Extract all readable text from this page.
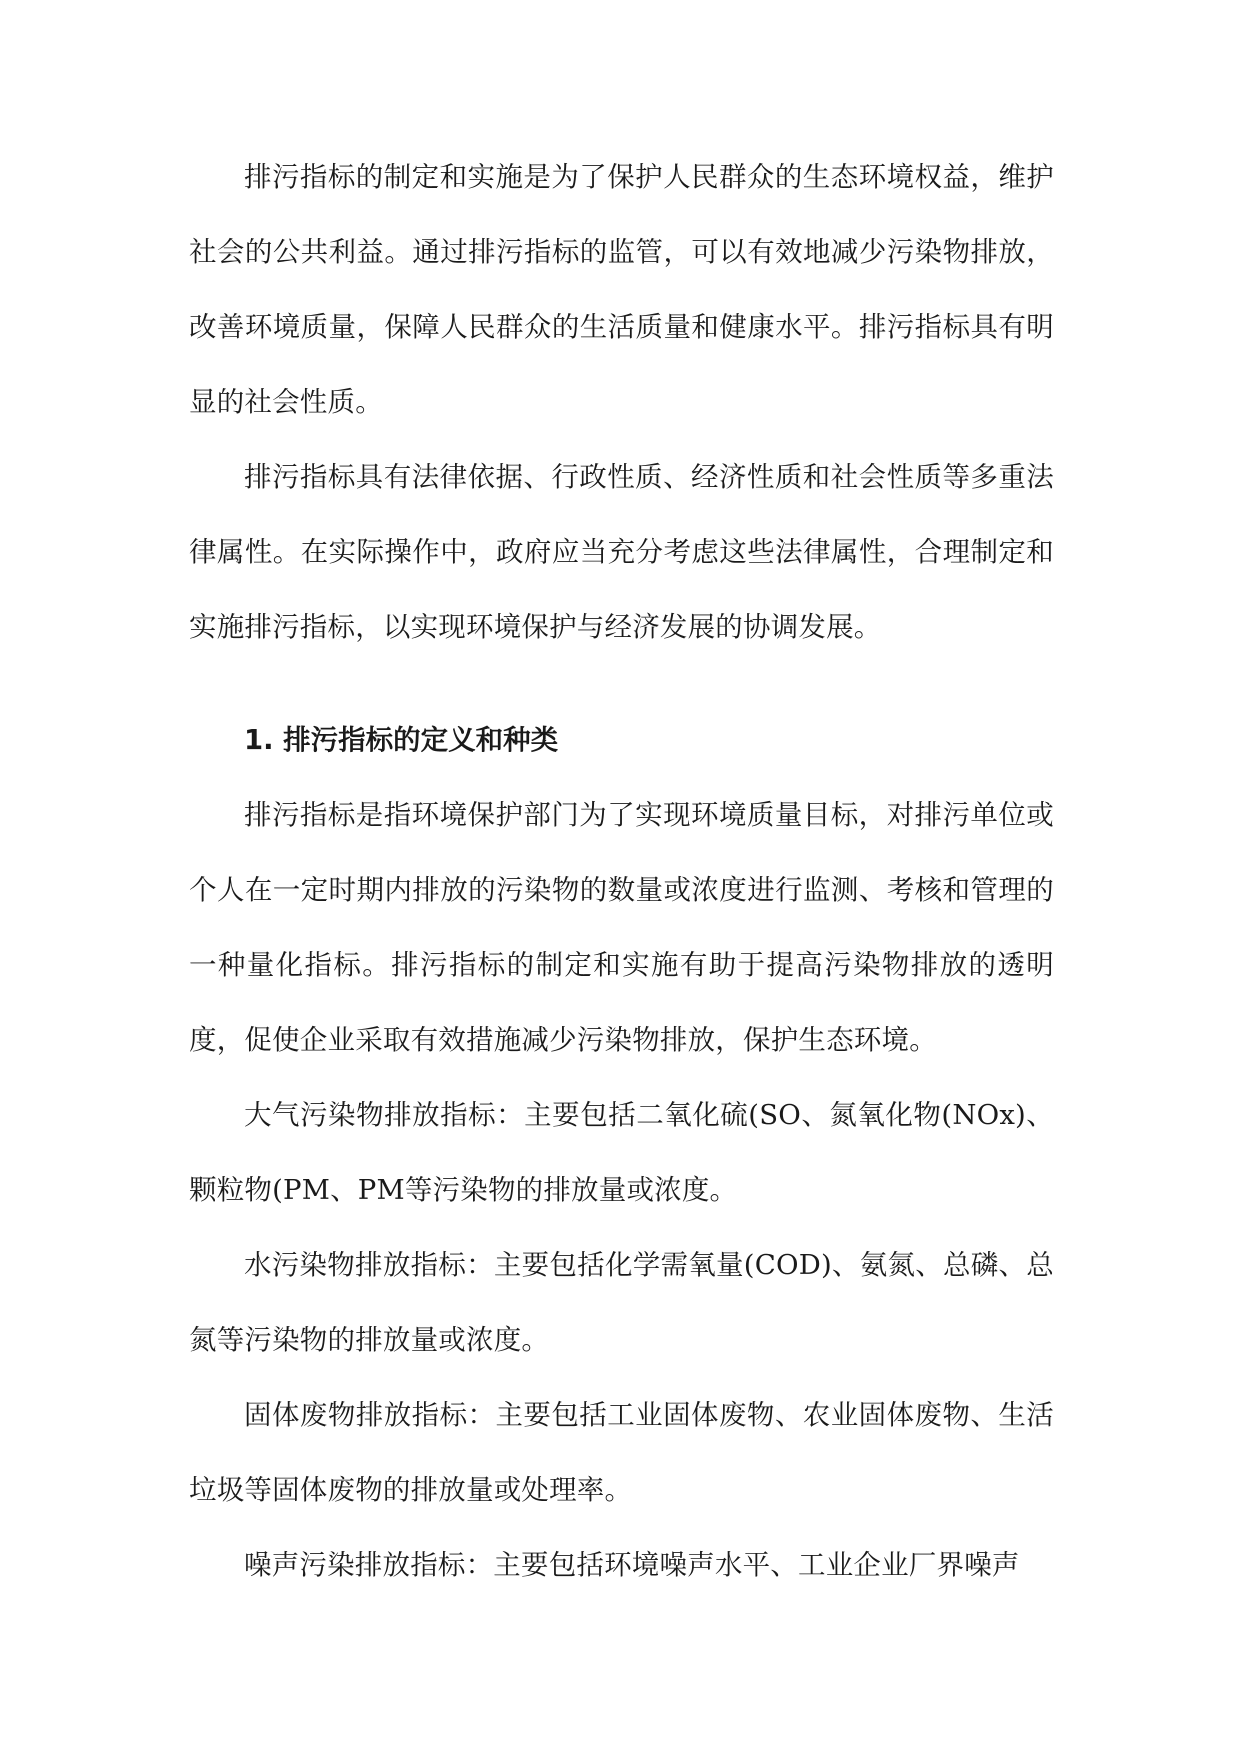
排污指标的制定和实施是为了保护人民群众的生态环境权益，维护社会的公共利益。通过排污指标的监管，可以有效地减少污染物排放，改善环境质量，保障人民群众的生活质量和健康水平。排污指标具有明显的社会性质。

排污指标具有法律依据、行政性质、经济性质和社会性质等多重法律属性。在实际操作中，政府应当充分考虑这些法律属性，合理制定和实施排污指标，以实现环境保护与经济发展的协调发展。

1. 排污指标的定义和种类

排污指标是指环境保护部门为了实现环境质量目标，对排污单位或个人在一定时期内排放的污染物的数量或浓度进行监测、考核和管理的一种量化指标。排污指标的制定和实施有助于提高污染物排放的透明度，促使企业采取有效措施减少污染物排放，保护生态环境。

大气污染物排放指标：主要包括二氧化硫(SO、氮氧化物(NOx)、颗粒物(PM、PM等污染物的排放量或浓度。

水污染物排放指标：主要包括化学需氧量(COD)、氨氮、总磷、总氮等污染物的排放量或浓度。

固体废物排放指标：主要包括工业固体废物、农业固体废物、生活垃圾等固体废物的排放量或处理率。

噪声污染排放指标：主要包括环境噪声水平、工业企业厂界噪声
